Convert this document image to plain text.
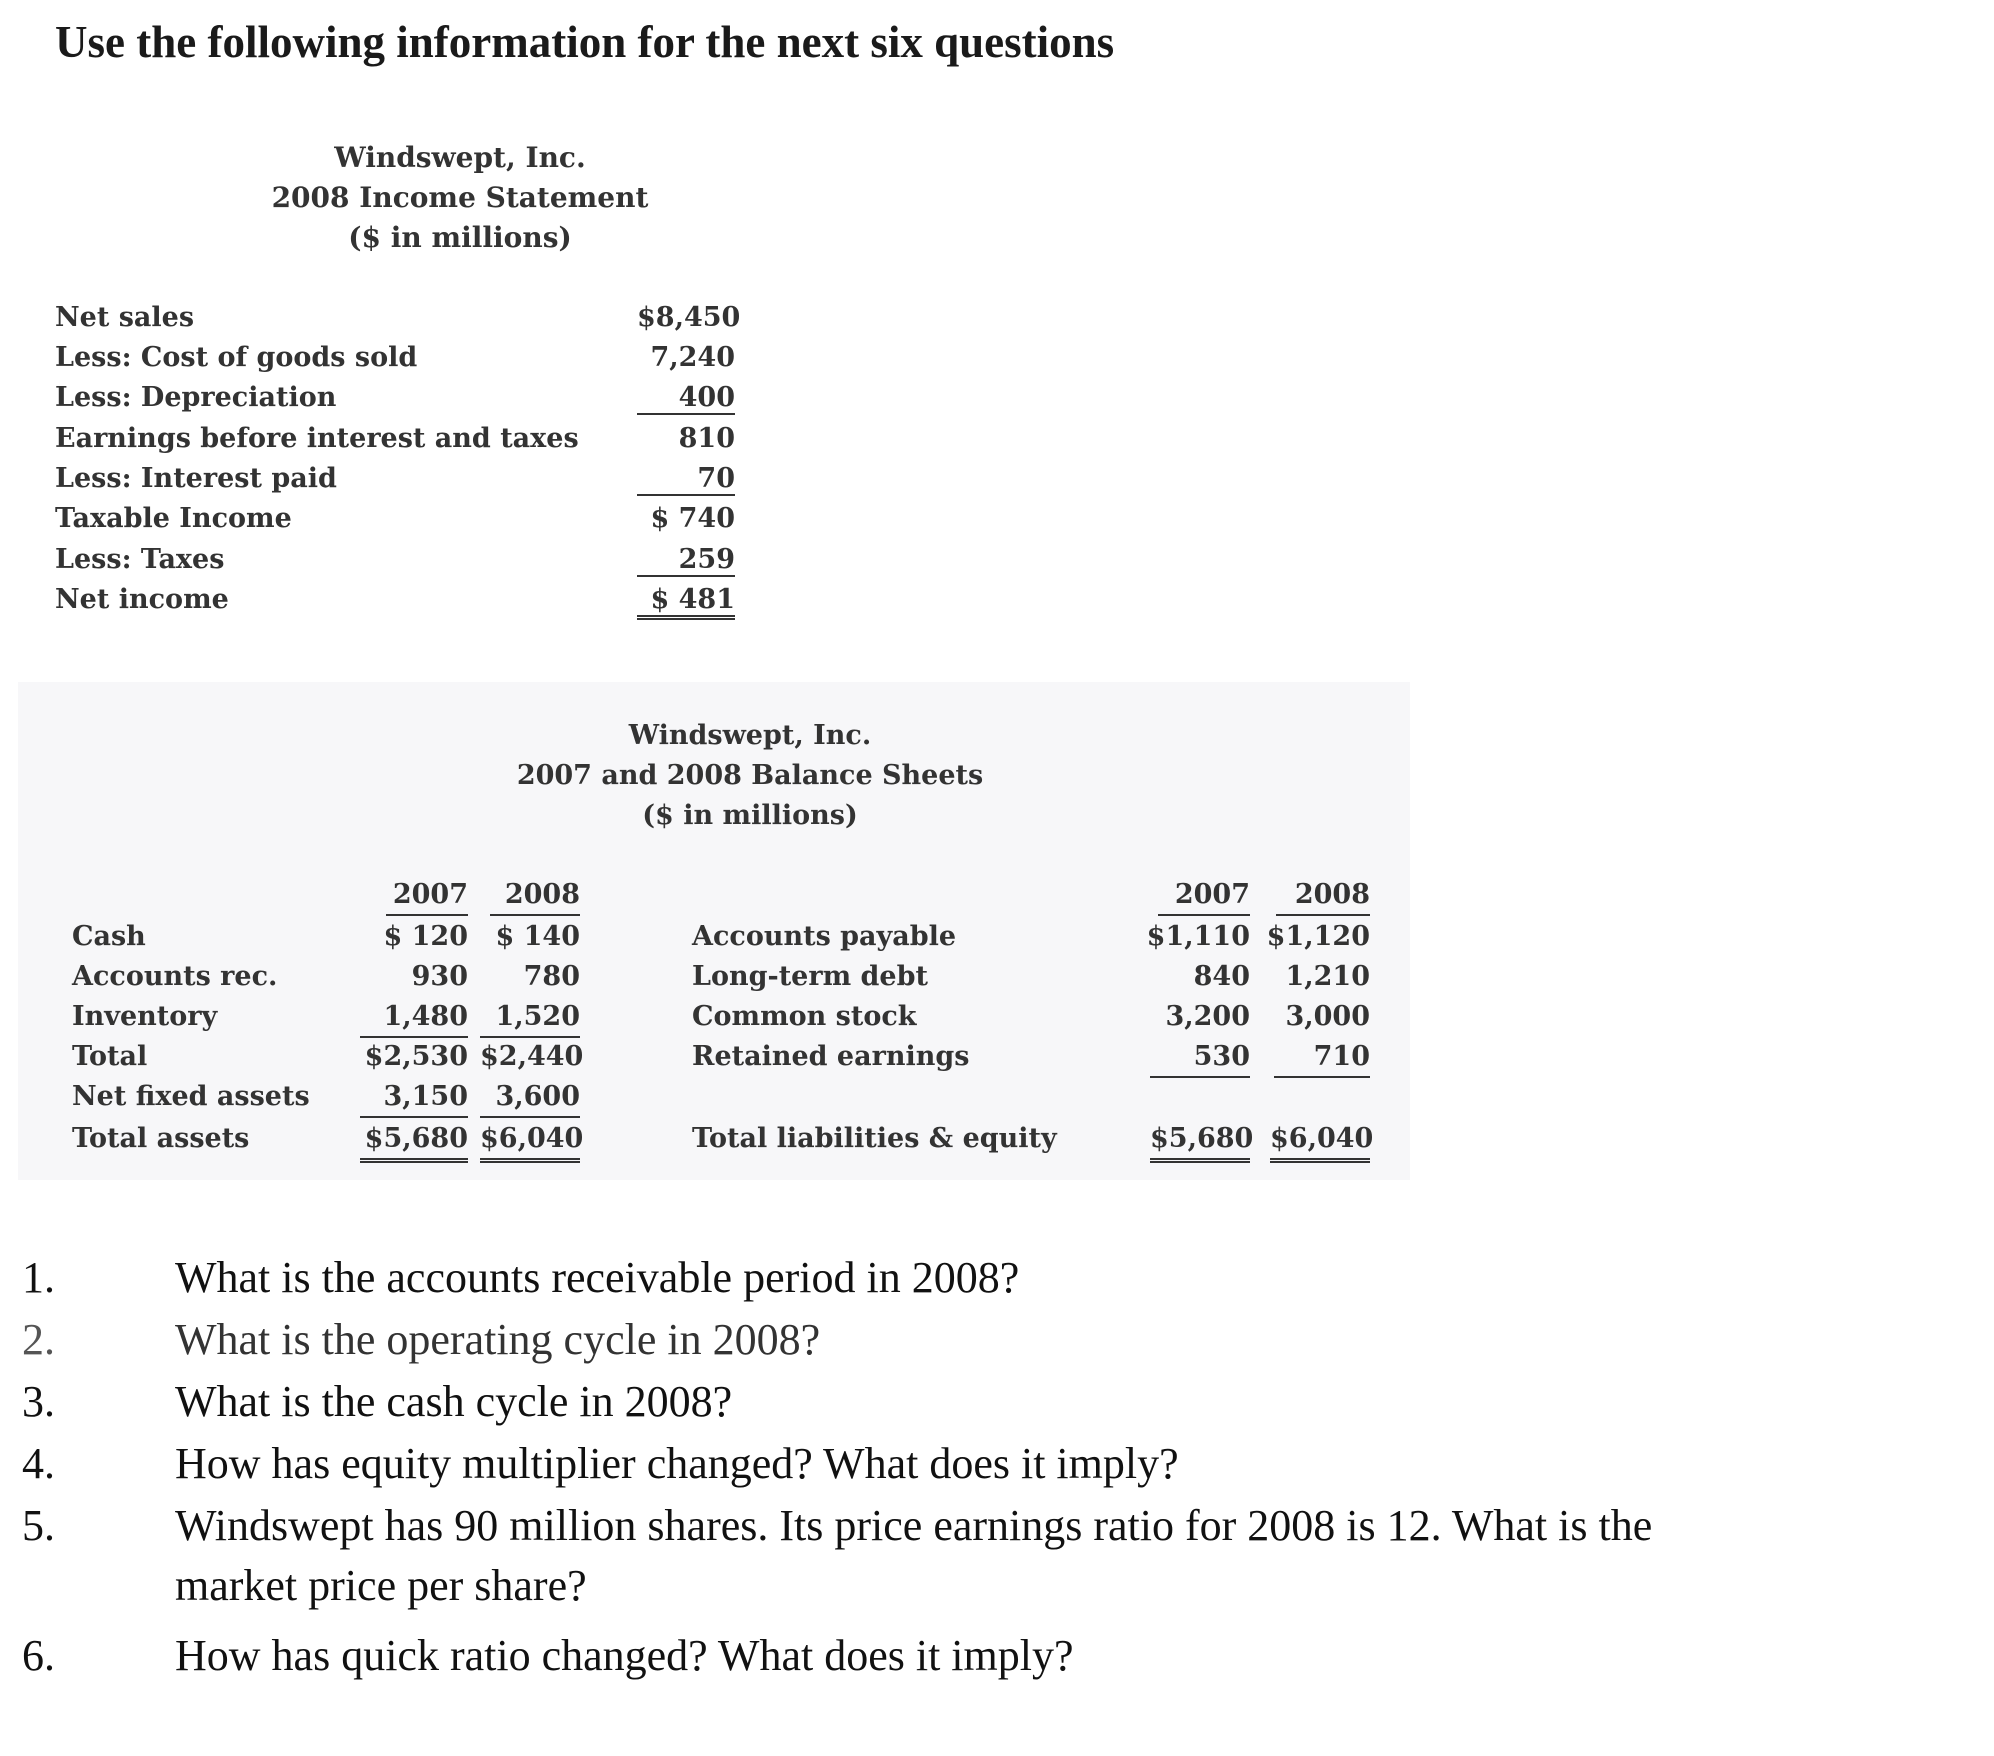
Use the following information for the next six questions
Windswept, Inc.
2008 Income Statement
($ in millions)
Net sales	$8,450
Less: Cost of goods sold	7,240
Less: Depreciation	400
Earnings before interest and taxes	810
Less: Interest paid	70
Taxable Income	$ 740
Less: Taxes	259
Net income	$ 481
Windswept, Inc.
2007 and 2008 Balance Sheets
($ in millions)
2007	2008	2007	2008
Cash	$ 120	$ 140
Accounts rec.	930	780
Inventory	1,480	1,520
Total	$2,530 $2,440
Net fixed assets	3,150	3,600
Total assets	$5,680 $6,040
Accounts payable	$1,110 $1,120
Long-term debt	840	1,210
Common stock	3,200	3,000
Retained earnings	530	710
Total liabilities & equity	$5,680 $6,040
1.	What is the accounts receivable period in 2008?
2.	What is the operating cycle in 2008?
3.	What is the cash cycle in 2008?
4.	How has equity multiplier changed? What does it imply?
5.	Windswept has 90 million shares. Its price earnings ratio for 2008 is 12. What is the
market price per share?
6.	How has quick ratio changed? What does it imply?
